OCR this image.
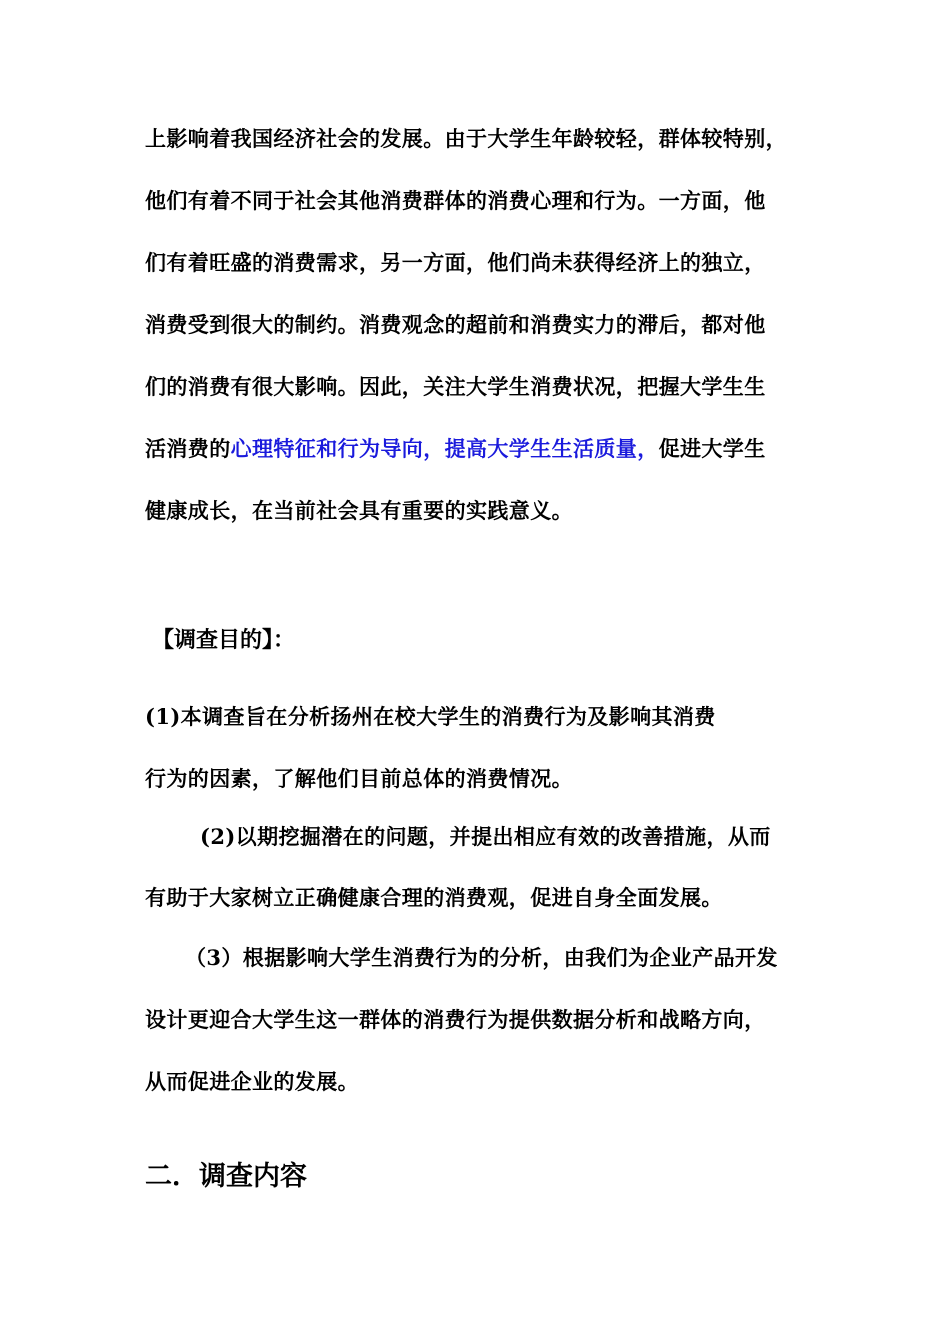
上影响着我国经济社会的发展。由于大学生年龄较轻，群体较特别，
他们有着不同于社会其他消费群体的消费心理和行为。一方面，他
们有着旺盛的消费需求，另一方面，他们尚未获得经济上的独立，
消费受到很大的制约。消费观念的超前和消费实力的滞后，都对他
们的消费有很大影响。因此，关注大学生消费状况，把握大学生生
活消费的心理特征和行为导向，提高大学生生活质量，促进大学生
健康成长，在当前社会具有重要的实践意义。
【调查目的】：
(1)本调查旨在分析扬州在校大学生的消费行为及影响其消费
行为的因素，了解他们目前总体的消费情况。
(2)以期挖掘潜在的问题，并提出相应有效的改善措施，从而
有助于大家树立正确健康合理的消费观，促进自身全面发展。
（3）根据影响大学生消费行为的分析，由我们为企业产品开发
设计更迎合大学生这一群体的消费行为提供数据分析和战略方向，
从而促进企业的发展。
二．调查内容
